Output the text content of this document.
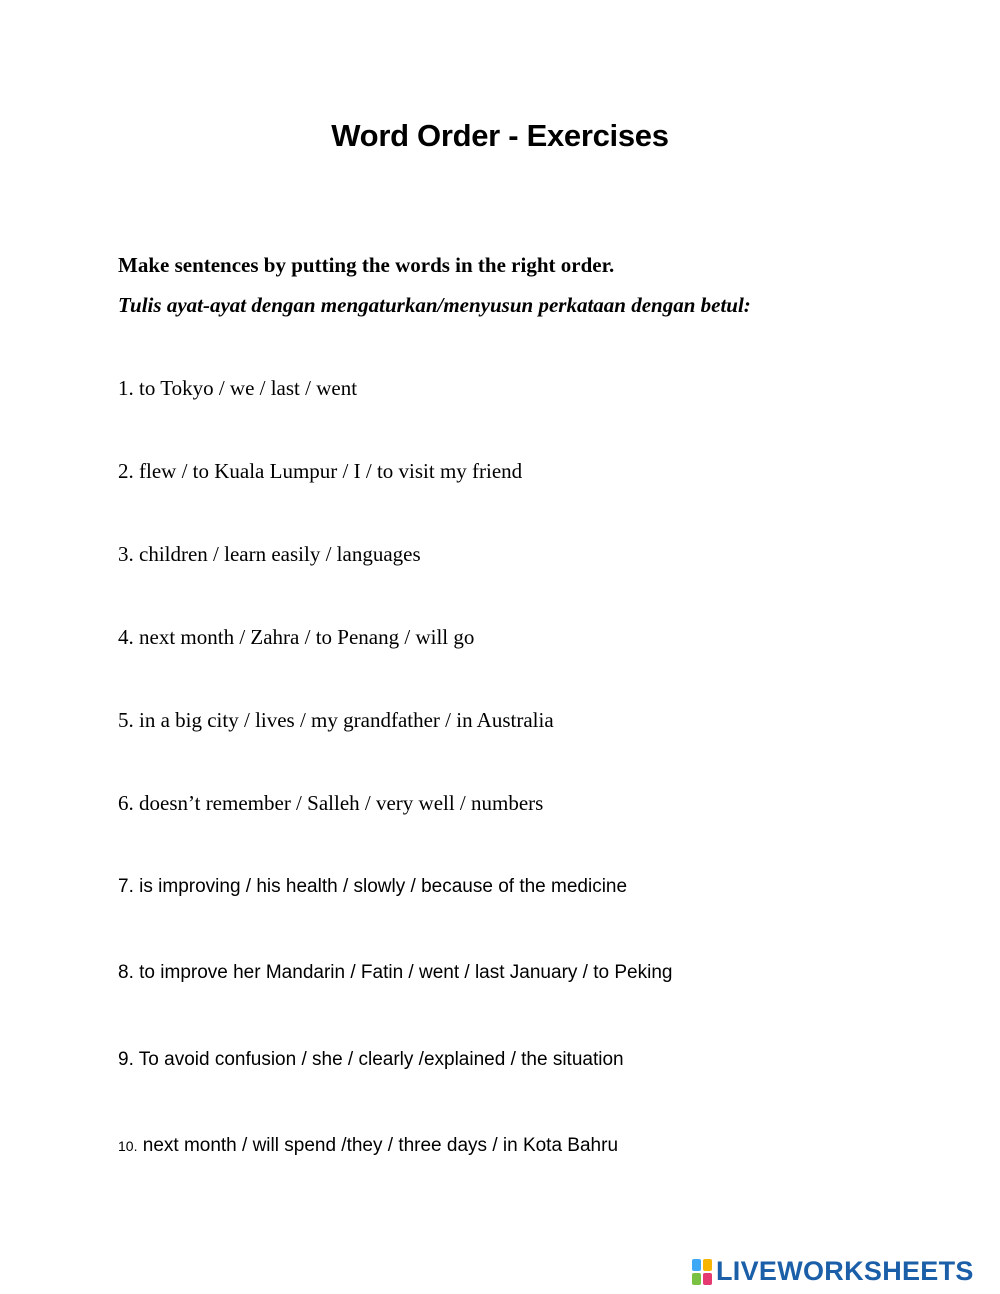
Word Order - Exercises
Make sentences by putting the words in the right order.
Tulis ayat-ayat dengan mengaturkan/menyusun perkataan dengan betul:
1. to Tokyo / we / last / went
2. flew / to Kuala Lumpur / I / to visit my friend
3. children / learn easily / languages
4. next month / Zahra / to Penang / will go
5. in a big city / lives / my grandfather / in Australia
6. doesn’t remember / Salleh / very well / numbers
7. is improving / his health / slowly / because of the medicine
8. to improve her Mandarin / Fatin / went / last January / to Peking
9. To avoid confusion / she / clearly /explained / the situation
10. next month / will spend /they / three days / in Kota Bahru
LIVEWORKSHEETS
